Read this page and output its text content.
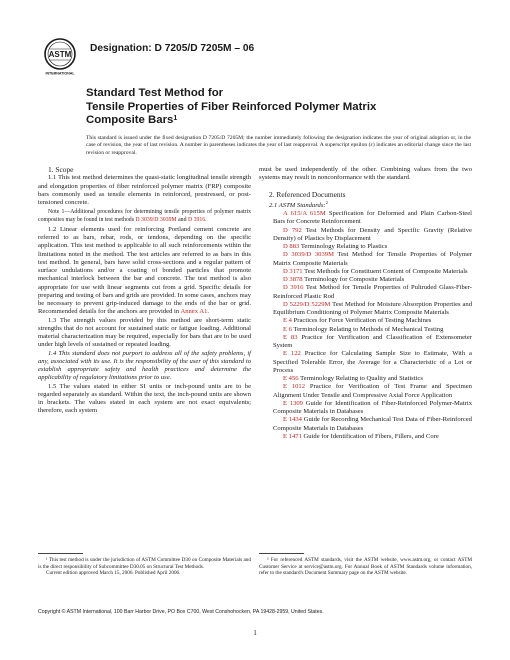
ASTM
INTERNATIONAL
Designation: D 7205/D 7205M – 06
Standard Test Method for
Tensile Properties of Fiber Reinforced Polymer Matrix
Composite Bars$^1$
This standard is issued under the fixed designation D 7205/D 7205M; the number immediately following the designation indicates the year of original adoption or, in the case of revision, the year of last revision. A number in parentheses indicates the year of last reapproval. A superscript epsilon (ε) indicates an editorial change since the last revision or reapproval.

1. Scope

1.1 This test method determines the quasi-static longitudinal tensile strength and elongation properties of fiber reinforced polymer matrix (FRP) composite bars commonly used as tensile elements in reinforced, prestressed, or post-tensioned concrete.

Note 1—Additional procedures for determining tensile properties of polymer matrix composites may be found in test methods D 3039/D 3039M and D 3916.

1.2 Linear elements used for reinforcing Portland cement concrete are referred to as bars, rebar, rods, or tendons, depending on the specific application. This test method is applicable to all such reinforcements within the limitations noted in the method. The test articles are referred to as bars in this test method. In general, bars have solid cross-sections and a regular pattern of surface undulations and/or a coating of bonded particles that promote mechanical interlock between the bar and concrete. The test method is also appropriate for use with linear segments cut from a grid. Specific details for preparing and testing of bars and grids are provided. In some cases, anchors may be necessary to prevent grip-induced damage to the ends of the bar or grid. Recommended details for the anchors are provided in Annex A1.

1.3 The strength values provided by this method are short-term static strengths that do not account for sustained static or fatigue loading. Additional material characterization may be required, especially for bars that are to be used under high levels of sustained or repeated loading.

1.4 This standard does not purport to address all of the safety problems, if any, associated with its use. It is the responsibility of the user of this standard to establish appropriate safety and health practices and determine the applicability of regulatory limitations prior to use.

1.5 The values stated in either SI units or inch-pound units are to be regarded separately as standard. Within the text, the inch-pound units are shown in brackets. The values stated in each system are not exact equivalents; therefore, each system

must be used independently of the other. Combining values from the two systems may result in nonconformance with the standard.

2. Referenced Documents

2.1 ASTM Standards:$^2$

A 615/A 615M Specification for Deformed and Plain Carbon-Steel Bars for Concrete Reinforcement

D 792 Test Methods for Density and Specific Gravity (Relative Density) of Plastics by Displacement

D 883 Terminology Relating to Plastics

D 3039/D 3039M Test Method for Tensile Properties of Polymer Matrix Composite Materials

D 3171 Test Methods for Constituent Content of Composite Materials

D 3878 Terminology for Composite Materials

D 3916 Test Method for Tensile Properties of Pultruded Glass-Fiber-Reinforced Plastic Rod

D 5229/D 5229M Test Method for Moisture Absorption Properties and Equilibrium Conditioning of Polymer Matrix Composite Materials

E 4 Practices for Force Verification of Testing Machines

E 6 Terminology Relating to Methods of Mechanical Testing

E 83 Practice for Verification and Classification of Extensometer System

E 122 Practice for Calculating Sample Size to Estimate, With a Specified Tolerable Error, the Average for a Characteristic of a Lot or Process

E 456 Terminology Relating to Quality and Statistics

E 1012 Practice for Verification of Test Frame and Specimen Alignment Under Tensile and Compressive Axial Force Application

E 1309 Guide for Identification of Fiber-Reinforced Polymer-Matrix Composite Materials in Databases

E 1434 Guide for Recording Mechanical Test Data of Fiber-Reinforced Composite Materials in Databases

E 1471 Guide for Identification of Fibers, Fillers, and Core

¹ This test method is under the jurisdiction of ASTM Committee D30 on Composite Materials and is the direct responsibility of Subcommittee D30.05 on Structural Test Methods.

Current edition approved March 15, 2006. Published April 2006.

² For referenced ASTM standards, visit the ASTM website, www.astm.org, or contact ASTM Customer Service at service@astm.org. For Annual Book of ASTM Standards volume information, refer to the standard's Document Summary page on the ASTM website.

Copyright © ASTM International, 100 Barr Harbor Drive, PO Box C700, West Conshohocken, PA 19428-2959, United States.
1
